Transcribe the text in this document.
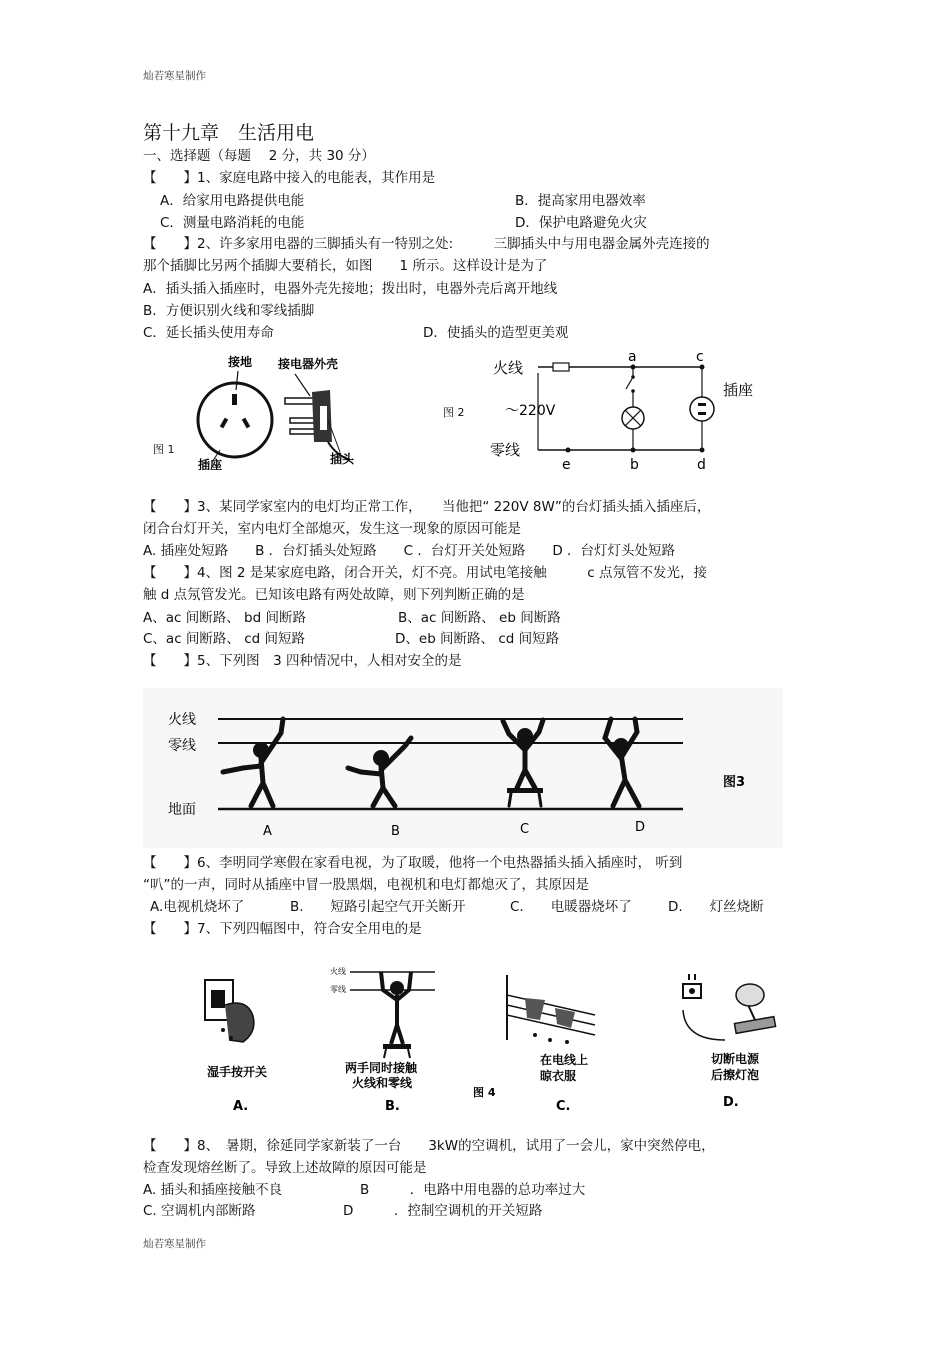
灿若寒星制作
灿若寒星制作
第十九章　生活用电
一、选择题（每题　 2 分，共 30 分）
【　　】1、家庭电路中接入的电能表，其作用是
A．给家用电路提供电能	B．提高家用电器效率
C．测量电路消耗的电能	D．保护电路避免火灾
【　　】2、许多家用电器的三脚插头有一特别之处:　　　三脚插头中与用电器金属外壳连接的
那个插脚比另两个插脚大要稍长，如图　　1 所示。这样设计是为了
A．插头插入插座时，电器外壳先接地；拨出时，电器外壳后离开地线
B．方便识别火线和零线插脚
C．延长插头使用寿命	D．使插头的造型更美观
接地 接电器外壳
插头
插座
图 1
火线
零线
～220V
a	c
e	b	d
插座
图 2
【　　】3、某同学家室内的电灯均正常工作，　　当他把“ 220V 8W”的台灯插头插入插座后，
闭合台灯开关，室内电灯全部熄灭，发生这一现象的原因可能是
A. 插座处短路　　B ．台灯插头处短路　　C ．台灯开关处短路　　D ．台灯灯头处短路
【　　】4、图 2 是某家庭电路，闭合开关，灯不亮。用试电笔接触　　　c 点氖管不发光，接
触 d 点氖管发光。已知该电路有两处故障，则下列判断正确的是
A、ac 间断路、 bd 间断路	B、ac 间断路、 eb 间断路
C、ac 间断路、 cd 间短路	D、eb 间断路、 cd 间短路
【　　】5、下列图　3 四种情况中，人相对安全的是
火线
零线
地面
A	B	C	D
图3
【　　】6、李明同学寒假在家看电视，为了取暖，他将一个电热器插头插入插座时， 听到
“叭”的一声，同时从插座中冒一股黑烟，电视机和电灯都熄灭了，其原因是
A.电视机烧坏了	B.　　短路引起空气开关断开	C.　　电暖器烧坏了	D.　　灯丝烧断
【　　】7、下列四幅图中，符合安全用电的是
湿手按开关
A.
火线
零线
两手同时接触
火线和零线
B.
图 4
在电线上
晾衣服
C.
切断电源
后擦灯泡
D.
【　　】8、　暑期，徐延同学家新装了一台　　3kW的空调机，试用了一会儿，家中突然停电，
检查发现熔丝断了。导致上述故障的原因可能是
A. 插头和插座接触不良	B　　　．电路中用电器的总功率过大
C. 空调机内部断路	D　　　．控制空调机的开关短路
